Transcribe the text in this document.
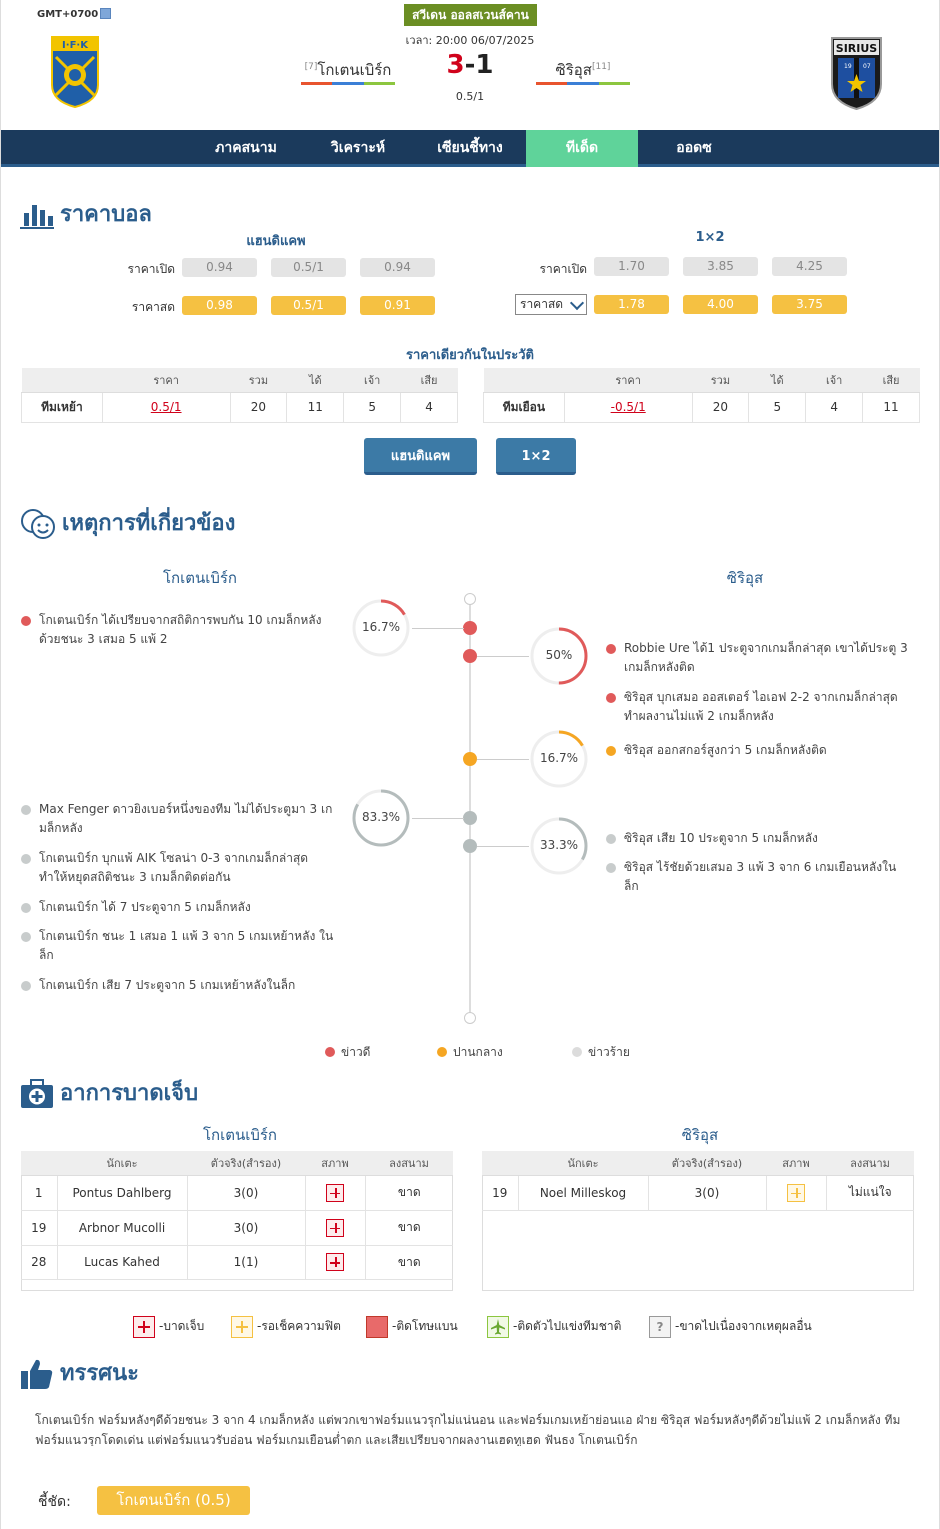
GMT+0700	สวีเดน ออลสเวนส์คาน
เวลา: 20:00 06/07/2025
I·F·K	SIRIUS
19 07
[7]โกเตนเบิร์ก	3-1
0.5/1
ซิริอุส[11]
ภาคสนาม	วิเคราะห์	เซียนชี้ทาง	ทีเด็ด	ออดซ
ราคาบอล
แฮนดิแคพ	1×2
ราคาเปิด	0.94	0.5/1	0.94
ราคาสด	0.98	0.5/1	0.91
ราคาเปิด	1.70	3.85	4.25
ราคาสด	1.78	4.00	3.75
ราคาเดียวกันในประวัติ
	ราคา	รวม	ได้	เจ้า	เสีย
ทีมเหย้า	0.5/1	20	11	5	4
	ราคา	รวม	ได้	เจ้า	เสีย
ทีมเยือน	-0.5/1	20	5	4	11
แฮนดิแคพ	1×2
เหตุการที่เกี่ยวข้อง
โกเตนเบิร์ก	ซิริอุส
16.7%
50%
16.7%
83.3%
33.3%
โกเตนเบิร์ก ได้เปรียบจากสถิติการพบกัน 10 เกมล็กหลัง ด้วยชนะ 3 เสมอ 5 แพ้ 2
Robbie Ure ได้1 ประตูจากเกมล็กล่าสุด เขาได้ประตู 3 เกมล็กหลังติด
ซิริอุส บุกเสมอ ออสเตอร์ ไอเอฟ 2-2 จากเกมล็กล่าสุด ทำผลงานไม่แพ้ 2 เกมล็กหลัง
ซิริอุส ออกสกอร์สูงกว่า 5 เกมล็กหลังติด
Max Fenger ดาวยิงเบอร์หนึ่งของทีม ไม่ได้ประตูมา 3 เกมล็กหลัง
โกเตนเบิร์ก บุกแพ้ AIK โซลน่า 0-3 จากเกมล็กล่าสุด ทำให้หยุดสถิติชนะ 3 เกมล็กติดต่อกัน
โกเตนเบิร์ก ได้ 7 ประตูจาก 5 เกมล็กหลัง
โกเตนเบิร์ก ชนะ 1 เสมอ 1 แพ้ 3 จาก 5 เกมเหย้าหลัง ในล็ก
โกเตนเบิร์ก เสีย 7 ประตูจาก 5 เกมเหย้าหลังในล็ก
ซิริอุส เสีย 10 ประตูจาก 5 เกมล็กหลัง
ซิริอุส ไร้ชัยด้วยเสมอ 3 แพ้ 3 จาก 6 เกมเยือนหลังใน ล็ก
ข่าวดี	ปานกลาง	ข่าวร้าย
อาการบาดเจ็บ
โกเตนเบิร์ก	ซิริอุส
	นักเตะ	ตัวจริง(สำรอง)	สภาพ	ลงสนาม
1	Pontus Dahlberg	3(0)		ขาด
19	Arbnor Mucolli	3(0)		ขาด
28	Lucas Kahed	1(1)		ขาด
	นักเตะ	ตัวจริง(สำรอง)	สภาพ	ลงสนาม
19	Noel Milleskog	3(0)		ไม่แน่ใจ
-บาดเจ็บ	-รอเช็คความฟิต	-ติดโทษแบน	-ติดตัวไปแข่งทีมชาติ	? -ขาดไปเนื่องจากเหตุผลอื่น
ทรรศนะ
โกเตนเบิร์ก ฟอร์มหลังๆดีด้วยชนะ 3 จาก 4 เกมล็กหลัง แต่พวกเขาฟอร์มแนวรุกไม่แน่นอน และฟอร์มเกมเหย้าย่อนแอ ฝ่าย ซิริอุส ฟอร์มหลังๆดีด้วยไม่แพ้ 2 เกมล็กหลัง ทีมฟอร์มแนวรุกโดดเด่น แต่ฟอร์มแนวรับอ่อน ฟอร์มเกมเยือนต่ำตก และเสียเปรียบจากผลงานเฮดทูเฮด ฟันธง โกเตนเบิร์ก
ชี้ชัด:	โกเตนเบิร์ก (0.5)
